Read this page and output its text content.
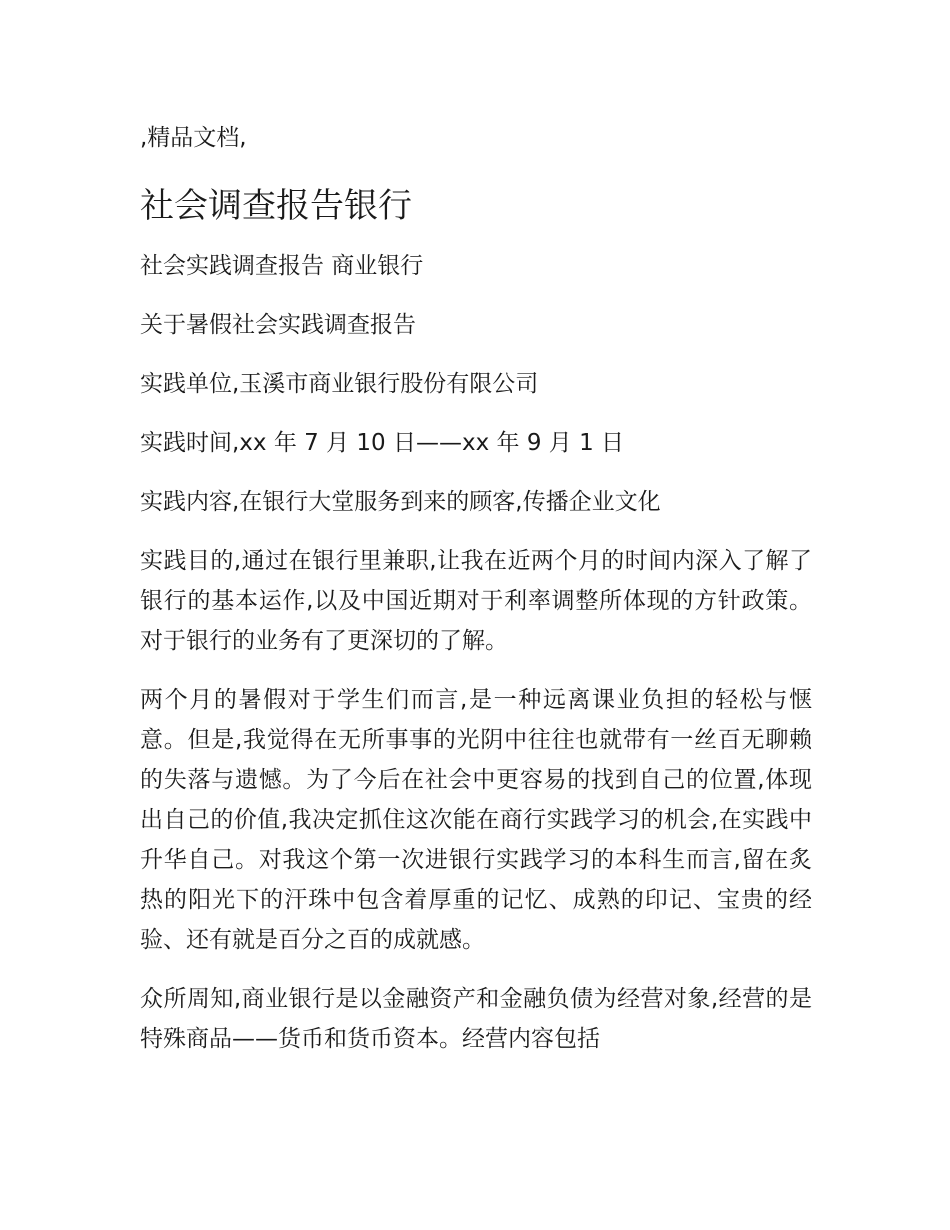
,精品文档,
社会调查报告银行
社会实践调查报告 商业银行
关于暑假社会实践调查报告
实践单位,玉溪市商业银行股份有限公司
实践时间,xx 年 7 月 10 日——xx 年 9 月 1 日
实践内容,在银行大堂服务到来的顾客,传播企业文化
实践目的,通过在银行里兼职,让我在近两个月的时间内深入了解了银行的基本运作,以及中国近期对于利率调整所体现的方针政策。对于银行的业务有了更深切的了解。
两个月的暑假对于学生们而言,是一种远离课业负担的轻松与惬意。但是,我觉得在无所事事的光阴中往往也就带有一丝百无聊赖的失落与遗憾。为了今后在社会中更容易的找到自己的位置,体现出自己的价值,我决定抓住这次能在商行实践学习的机会,在实践中升华自己。对我这个第一次进银行实践学习的本科生而言,留在炙热的阳光下的汗珠中包含着厚重的记忆、成熟的印记、宝贵的经验、还有就是百分之百的成就感。
众所周知,商业银行是以金融资产和金融负债为经营对象,经营的是特殊商品——货币和货币资本。经营内容包括
